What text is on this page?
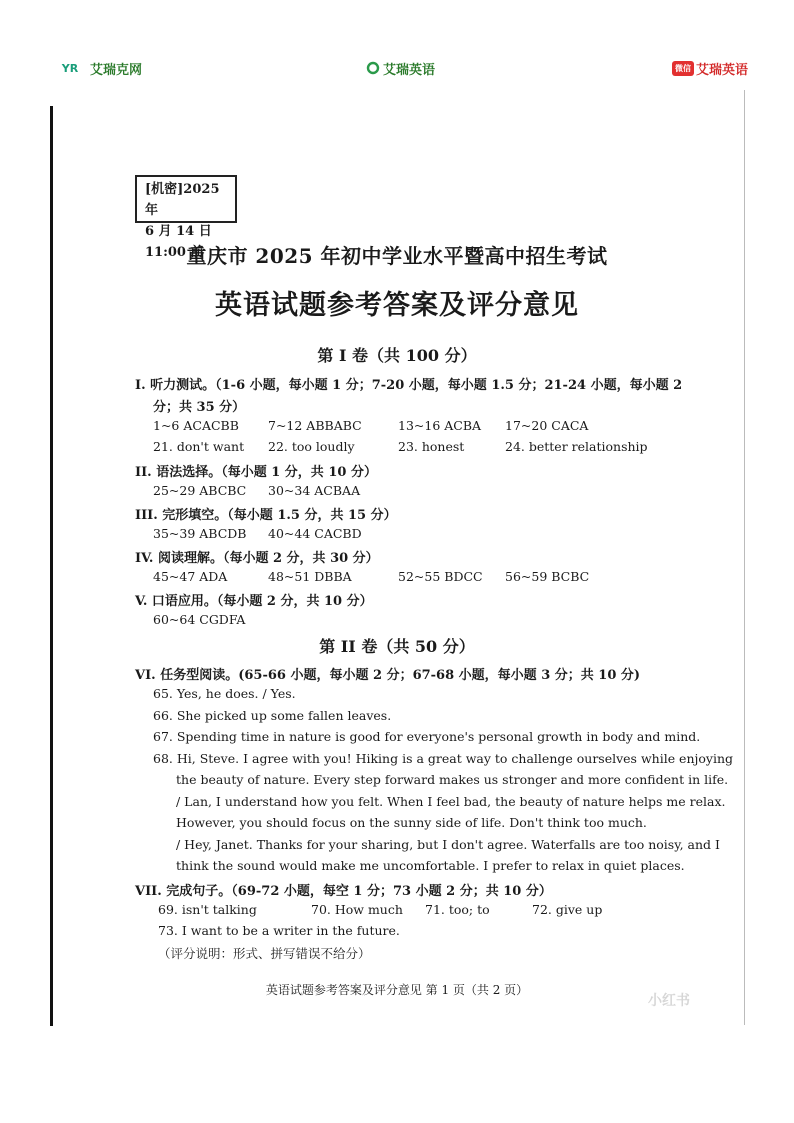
YR 艾瑞克网	艾瑞英语	微信 艾瑞英语
[机密]2025 年
6 月 14 日 11:00 前
重庆市 2025 年初中学业水平暨高中招生考试
英语试题参考答案及评分意见
第 I 卷（共 100 分）
I. 听力测试。（1-6 小题，每小题 1 分；7-20 小题，每小题 1.5 分；21-24 小题，每小题 2
分；共 35 分）
1~6 ACACBB	7~12 ABBABC	13~16 ACBA	17~20 CACA
21. don't want	22. too loudly	23. honest	24. better relationship
II. 语法选择。（每小题 1 分，共 10 分）
25~29 ABCBC	30~34 ACBAA
III. 完形填空。（每小题 1.5 分，共 15 分）
35~39 ABCDB	40~44 CACBD
IV. 阅读理解。（每小题 2 分，共 30 分）
45~47 ADA	48~51 DBBA	52~55 BDCC	56~59 BCBC
V. 口语应用。（每小题 2 分，共 10 分）
60~64 CGDFA
第 II 卷（共 50 分）
VI. 任务型阅读。(65-66 小题，每小题 2 分；67-68 小题，每小题 3 分；共 10 分)
65. Yes, he does. / Yes.
66. She picked up some fallen leaves.
67. Spending time in nature is good for everyone's personal growth in body and mind.
68. Hi, Steve. I agree with you! Hiking is a great way to challenge ourselves while enjoying
the beauty of nature. Every step forward makes us stronger and more confident in life.
/ Lan, I understand how you felt. When I feel bad, the beauty of nature helps me relax.
However, you should focus on the sunny side of life. Don't think too much.
/ Hey, Janet. Thanks for your sharing, but I don't agree. Waterfalls are too noisy, and I
think the sound would make me uncomfortable. I prefer to relax in quiet places.
VII. 完成句子。（69-72 小题，每空 1 分；73 小题 2 分；共 10 分）
69. isn't talking	70. How much	71. too; to	72. give up
73. I want to be a writer in the future.
（评分说明：形式、拼写错误不给分）
英语试题参考答案及评分意见 第 1 页（共 2 页）
小红书
